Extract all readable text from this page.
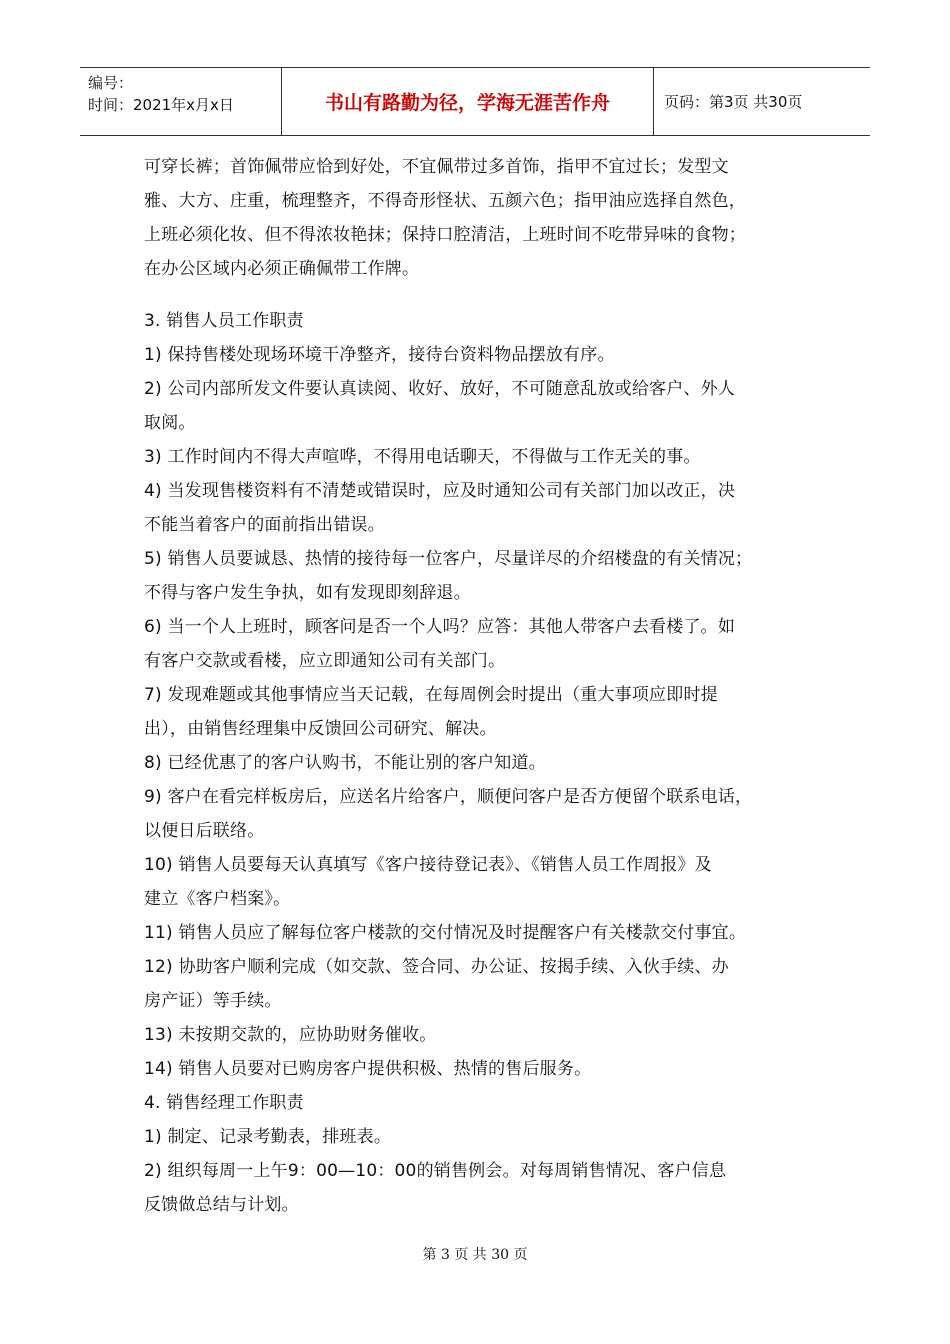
编号：
时间：2021年x月x日	书山有路勤为径，学海无涯苦作舟	页码：第3页 共30页
可穿长裤；首饰佩带应恰到好处，不宜佩带过多首饰，指甲不宜过长；发型文
雅、大方、庄重，梳理整齐，不得奇形怪状、五颜六色；指甲油应选择自然色，
上班必须化妆、但不得浓妆艳抹；保持口腔清洁，上班时间不吃带异味的食物；
在办公区域内必须正确佩带工作牌。
3. 销售人员工作职责
1) 保持售楼处现场环境干净整齐，接待台资料物品摆放有序。
2) 公司内部所发文件要认真读阅、收好、放好，不可随意乱放或给客户、外人
取阅。
3) 工作时间内不得大声喧哗，不得用电话聊天，不得做与工作无关的事。
4) 当发现售楼资料有不清楚或错误时，应及时通知公司有关部门加以改正，决
不能当着客户的面前指出错误。
5) 销售人员要诚恳、热情的接待每一位客户，尽量详尽的介绍楼盘的有关情况；
不得与客户发生争执，如有发现即刻辞退。
6) 当一个人上班时，顾客问是否一个人吗？应答：其他人带客户去看楼了。如
有客户交款或看楼，应立即通知公司有关部门。
7) 发现难题或其他事情应当天记载，在每周例会时提出（重大事项应即时提
出），由销售经理集中反馈回公司研究、解决。
8) 已经优惠了的客户认购书，不能让别的客户知道。
9) 客户在看完样板房后，应送名片给客户，顺便问客户是否方便留个联系电话，
以便日后联络。
10) 销售人员要每天认真填写《客户接待登记表》、《销售人员工作周报》及
建立《客户档案》。
11) 销售人员应了解每位客户楼款的交付情况及时提醒客户有关楼款交付事宜。
12) 协助客户顺利完成（如交款、签合同、办公证、按揭手续、入伙手续、办
房产证）等手续。
13) 未按期交款的，应协助财务催收。
14) 销售人员要对已购房客户提供积极、热情的售后服务。
4. 销售经理工作职责
1) 制定、记录考勤表，排班表。
2) 组织每周一上午9：00—10：00的销售例会。对每周销售情况、客户信息
反馈做总结与计划。
第 3 页 共 30 页
